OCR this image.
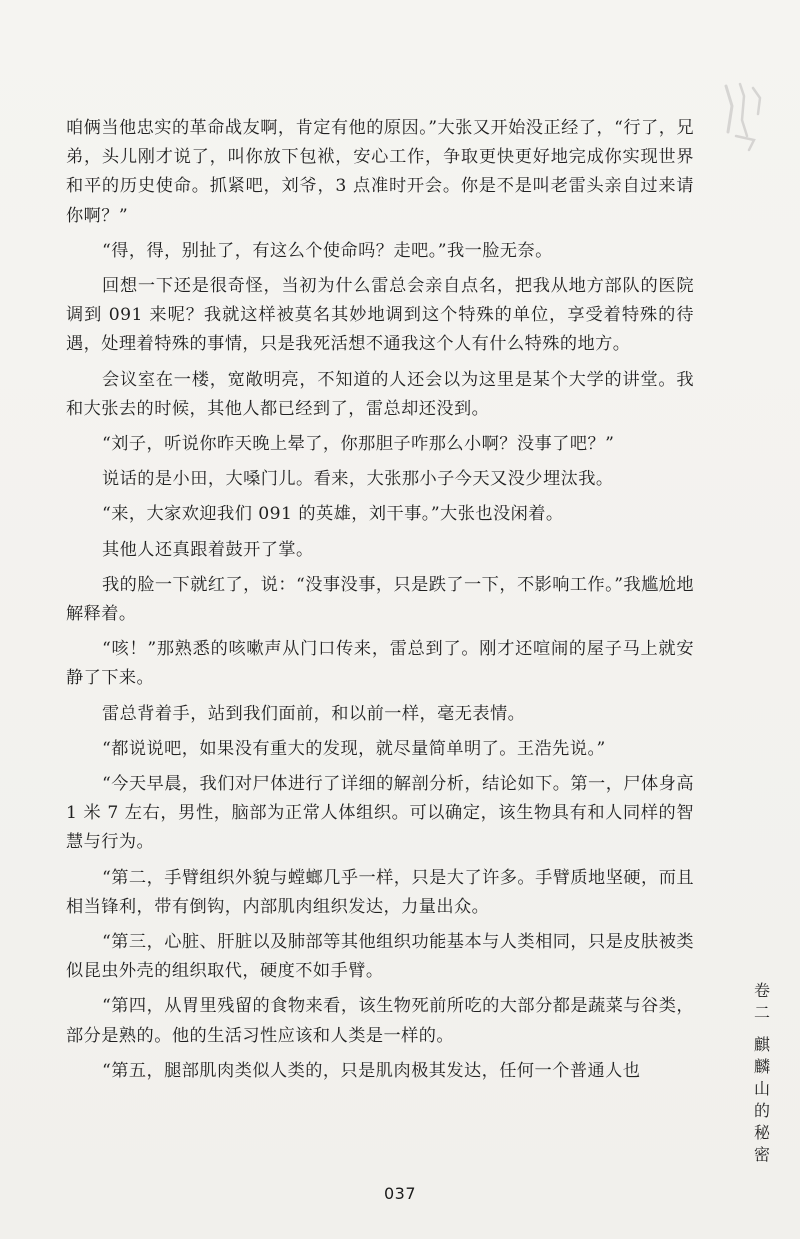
咱俩当他忠实的革命战友啊，肯定有他的原因。”大张又开始没正经了，“行了，兄弟，头儿刚才说了，叫你放下包袱，安心工作，争取更快更好地完成你实现世界和平的历史使命。抓紧吧，刘爷，3 点准时开会。你是不是叫老雷头亲自过来请你啊？”

“得，得，别扯了，有这么个使命吗？走吧。”我一脸无奈。

回想一下还是很奇怪，当初为什么雷总会亲自点名，把我从地方部队的医院调到 091 来呢？我就这样被莫名其妙地调到这个特殊的单位，享受着特殊的待遇，处理着特殊的事情，只是我死活想不通我这个人有什么特殊的地方。

会议室在一楼，宽敞明亮，不知道的人还会以为这里是某个大学的讲堂。我和大张去的时候，其他人都已经到了，雷总却还没到。

“刘子，听说你昨天晚上晕了，你那胆子咋那么小啊？没事了吧？”

说话的是小田，大嗓门儿。看来，大张那小子今天又没少埋汰我。

“来，大家欢迎我们 091 的英雄，刘干事。”大张也没闲着。

其他人还真跟着鼓开了掌。

我的脸一下就红了，说：“没事没事，只是跌了一下，不影响工作。”我尴尬地解释着。

“咳！”那熟悉的咳嗽声从门口传来，雷总到了。刚才还喧闹的屋子马上就安静了下来。

雷总背着手，站到我们面前，和以前一样，毫无表情。

“都说说吧，如果没有重大的发现，就尽量简单明了。王浩先说。”

“今天早晨，我们对尸体进行了详细的解剖分析，结论如下。第一，尸体身高 1 米 7 左右，男性，脑部为正常人体组织。可以确定，该生物具有和人同样的智慧与行为。

“第二，手臂组织外貌与螳螂几乎一样，只是大了许多。手臂质地坚硬，而且相当锋利，带有倒钩，内部肌肉组织发达，力量出众。

“第三，心脏、肝脏以及肺部等其他组织功能基本与人类相同，只是皮肤被类似昆虫外壳的组织取代，硬度不如手臂。

“第四，从胃里残留的食物来看，该生物死前所吃的大部分都是蔬菜与谷类，部分是熟的。他的生活习性应该和人类是一样的。

“第五，腿部肌肉类似人类的，只是肌肉极其发达，任何一个普通人也

卷
二
麒
麟
山
的
秘
密
037
